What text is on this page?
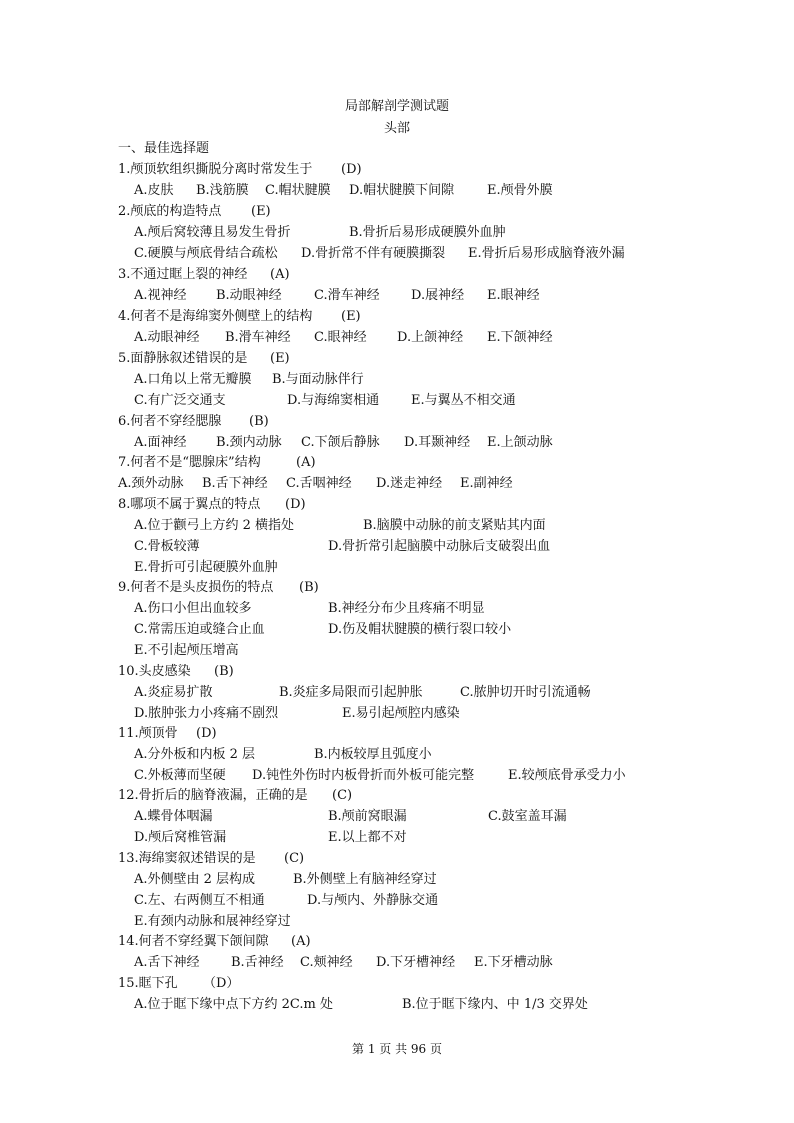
局部解剖学测试题
头部
一、最佳选择题
1.颅顶软组织撕脱分离时常发生于 (D)
A.皮肤 B.浅筋膜 C.帽状腱膜 D.帽状腱膜下间隙	E.颅骨外膜
2.颅底的构造特点 (E)
A.颅后窝较薄且易发生骨折	B.骨折后易形成硬膜外血肿
C.硬膜与颅底骨结合疏松 D.骨折常不伴有硬膜撕裂 E.骨折后易形成脑脊液外漏
3.不通过眶上裂的神经 (A)
A.视神经 B.动眼神经 C.滑车神经 D.展神经 E.眼神经
4.何者不是海绵窦外侧壁上的结构 (E)
A.动眼神经 B.滑车神经 C.眼神经 D.上颌神经 E.下颌神经
5.面静脉叙述错误的是 (E)
A.口角以上常无瓣膜 B.与面动脉伴行
C.有广泛交通支	D.与海绵窦相通 E.与翼丛不相交通
6.何者不穿经腮腺 (B)
A.面神经 B.颈内动脉 C.下颌后静脉 D.耳颞神经 E.上颌动脉
7.何者不是“腮腺床”结构	(A)
A.颈外动脉 B.舌下神经 C.舌咽神经 D.迷走神经 E.副神经
8.哪项不属于翼点的特点 (D)
A.位于颧弓上方约 2 横指处	B.脑膜中动脉的前支紧贴其内面
C.骨板较薄	D.骨折常引起脑膜中动脉后支破裂出血
E.骨折可引起硬膜外血肿
9.何者不是头皮损伤的特点 (B)
A.伤口小但出血较多	B.神经分布少且疼痛不明显
C.常需压迫或缝合止血	D.伤及帽状腱膜的横行裂口较小
E.不引起颅压增高
10.头皮感染 (B)
A.炎症易扩散	B.炎症多局限而引起肿胀	C.脓肿切开时引流通畅
D.脓肿张力小疼痛不剧烈	E.易引起颅腔内感染
11.颅顶骨 (D)
A.分外板和内板 2 层	B.内板较厚且弧度小
C.外板薄而坚硬 D.钝性外伤时内板骨折而外板可能完整	E.较颅底骨承受力小
12.骨折后的脑脊液漏，正确的是 (C)
A.蝶骨体咽漏	B.颅前窝眼漏	C.鼓室盖耳漏
D.颅后窝椎管漏	E.以上都不对
13.海绵窦叙述错误的是 (C)
A.外侧壁由 2 层构成	B.外侧壁上有脑神经穿过
C.左、右两侧互不相通	D.与颅内、外静脉交通
E.有颈内动脉和展神经穿过
14.何者不穿经翼下颌间隙 (A)
A.舌下神经 B.舌神经 C.颊神经 D.下牙槽神经 E.下牙槽动脉
15.眶下孔 （D）
A.位于眶下缘中点下方约 2C.m 处	B.位于眶下缘内、中 1/3 交界处
第 1 页 共 96 页
